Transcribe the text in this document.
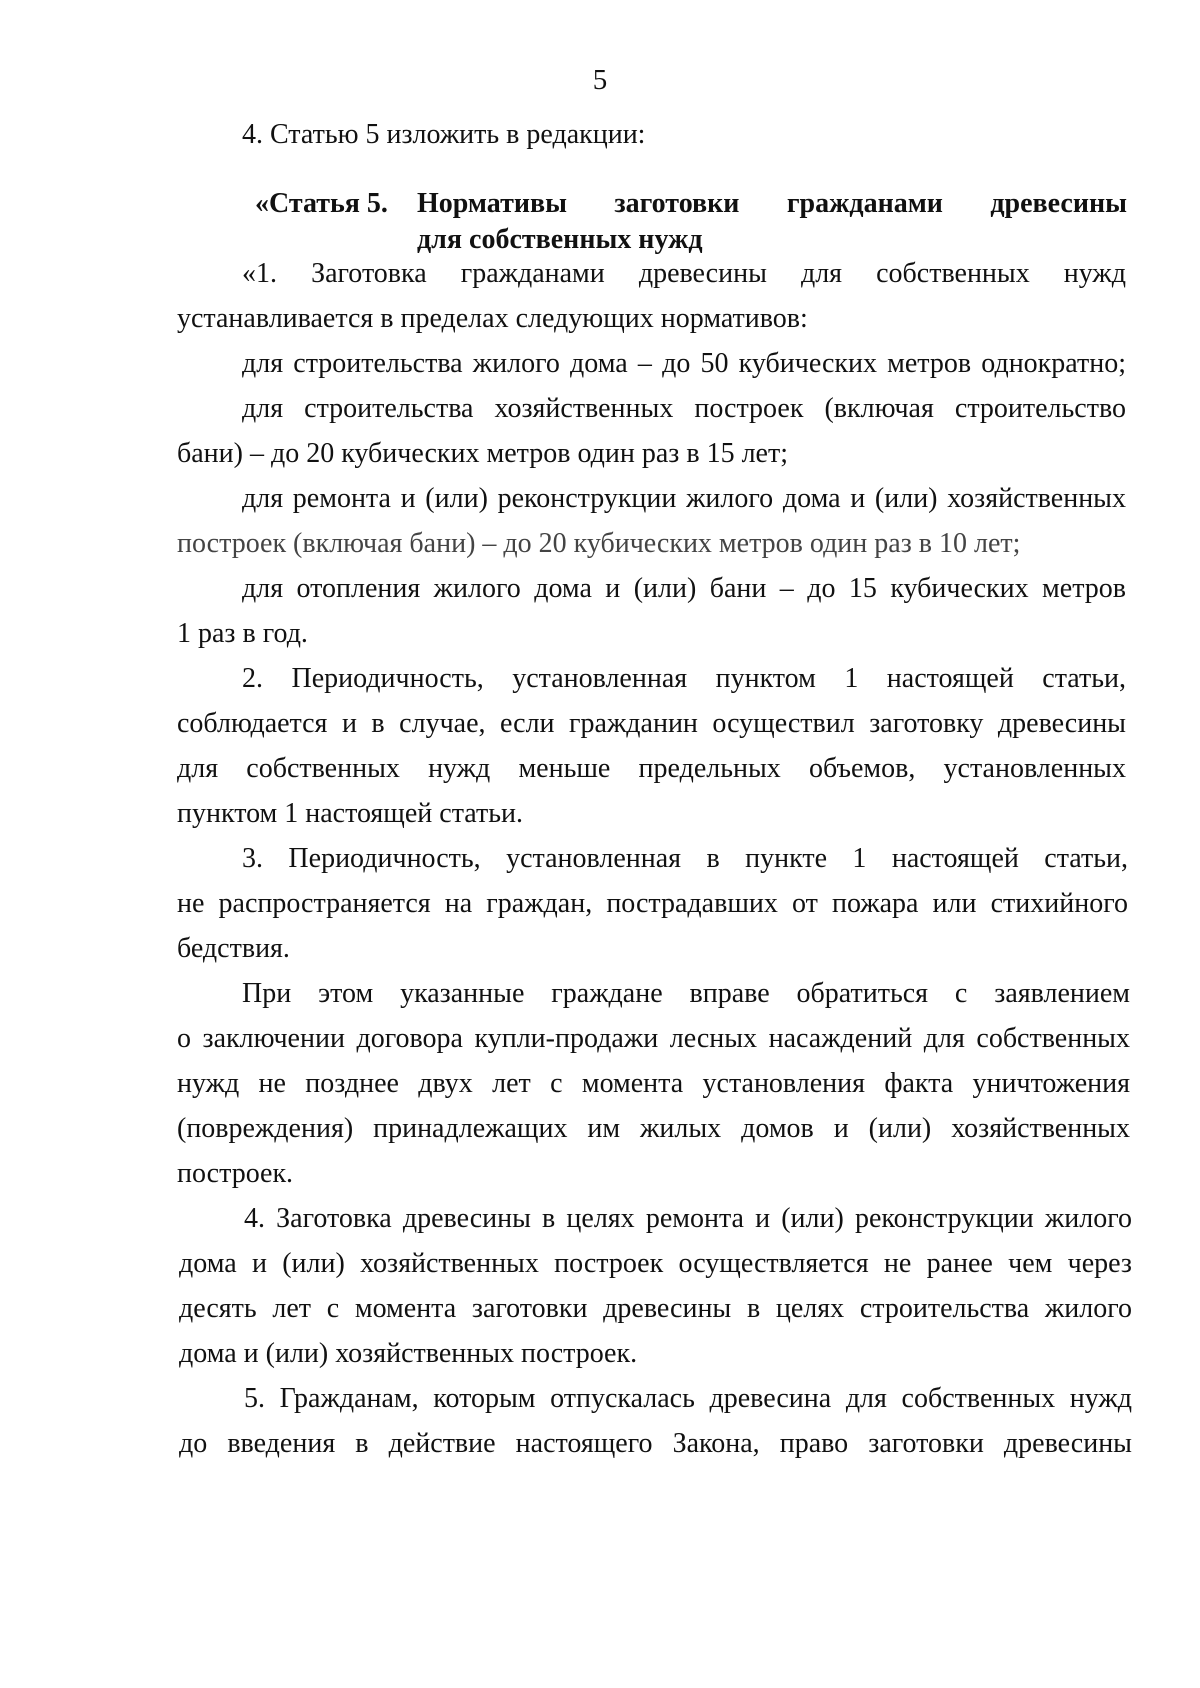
5
4. Статью 5 изложить в редакции:
«Статья 5. Нормативы заготовки гражданами древесины
для собственных нужд
«1. Заготовка гражданами древесины для собственных нужд
устанавливается в пределах следующих нормативов:
для строительства жилого дома – до 50 кубических метров однократно;
для строительства хозяйственных построек (включая строительство
бани) – до 20 кубических метров один раз в 15 лет;
для ремонта и (или) реконструкции жилого дома и (или) хозяйственных
построек (включая бани) – до 20 кубических метров один раз в 10 лет;
для отопления жилого дома и (или) бани – до 15 кубических метров
1 раз в год.
2. Периодичность, установленная пунктом 1 настоящей статьи,
соблюдается и в случае, если гражданин осуществил заготовку древесины
для собственных нужд меньше предельных объемов, установленных
пунктом 1 настоящей статьи.
3. Периодичность, установленная в пункте 1 настоящей статьи,
не распространяется на граждан, пострадавших от пожара или стихийного
бедствия.
При этом указанные граждане вправе обратиться с заявлением
о заключении договора купли-продажи лесных насаждений для собственных
нужд не позднее двух лет с момента установления факта уничтожения
(повреждения) принадлежащих им жилых домов и (или) хозяйственных
построек.
4. Заготовка древесины в целях ремонта и (или) реконструкции жилого
дома и (или) хозяйственных построек осуществляется не ранее чем через
десять лет с момента заготовки древесины в целях строительства жилого
дома и (или) хозяйственных построек.
5. Гражданам, которым отпускалась древесина для собственных нужд
до введения в действие настоящего Закона, право заготовки древесины
